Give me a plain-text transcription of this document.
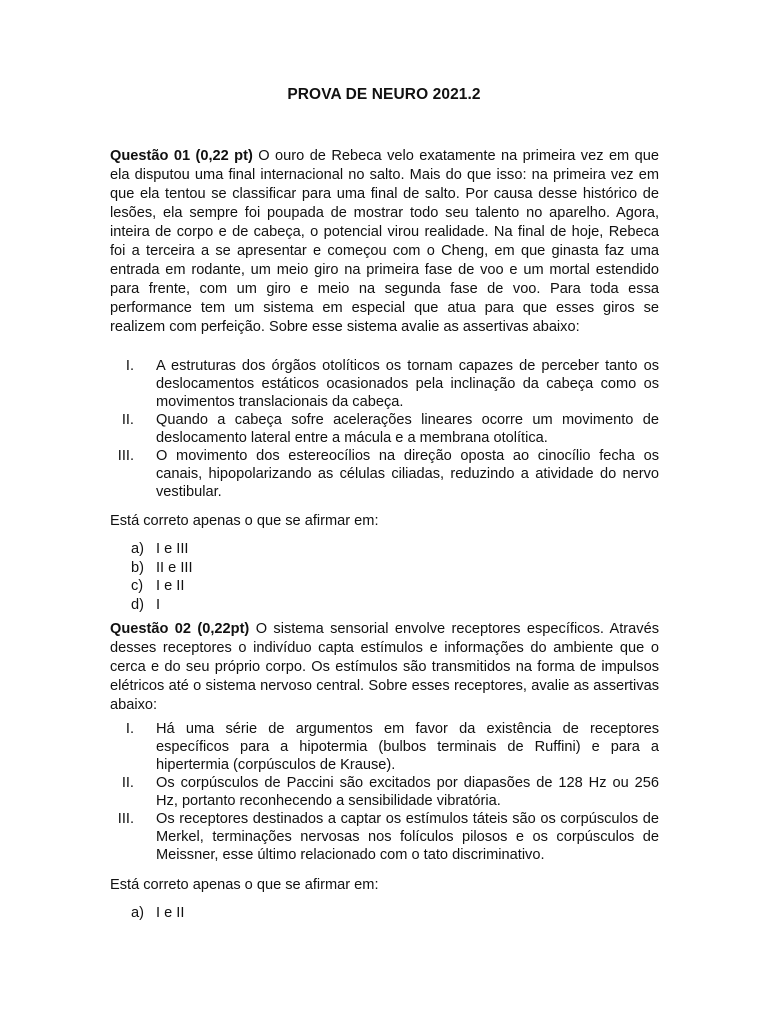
PROVA DE NEURO 2021.2

Questão 01 (0,22 pt) O ouro de Rebeca velo exatamente na primeira vez em que ela disputou uma final internacional no salto. Mais do que isso: na primeira vez em que ela tentou se classificar para uma final de salto. Por causa desse histórico de lesões, ela sempre foi poupada de mostrar todo seu talento no aparelho. Agora, inteira de corpo e de cabeça, o potencial virou realidade. Na final de hoje, Rebeca foi a terceira a se apresentar e começou com o Cheng, em que ginasta faz uma entrada em rodante, um meio giro na primeira fase de voo e um mortal estendido para frente, com um giro e meio na segunda fase de voo. Para toda essa performance tem um sistema em especial que atua para que esses giros se realizem com perfeição. Sobre esse sistema avalie as assertivas abaixo:

I. A estruturas dos órgãos otolíticos os tornam capazes de perceber tanto os deslocamentos estáticos ocasionados pela inclinação da cabeça como os movimentos translacionais da cabeça.
II. Quando a cabeça sofre acelerações lineares ocorre um movimento de deslocamento lateral entre a mácula e a membrana otolítica.
III. O movimento dos estereocílios na direção oposta ao cinocílio fecha os canais, hipopolarizando as células ciliadas, reduzindo a atividade do nervo vestibular.

Está correto apenas o que se afirmar em:

a) I e III
b) II e III
c) I e II
d) I

Questão 02 (0,22pt) O sistema sensorial envolve receptores específicos. Através desses receptores o indivíduo capta estímulos e informações do ambiente que o cerca e do seu próprio corpo. Os estímulos são transmitidos na forma de impulsos elétricos até o sistema nervoso central. Sobre esses receptores, avalie as assertivas abaixo:

I. Há uma série de argumentos em favor da existência de receptores específicos para a hipotermia (bulbos terminais de Ruffini) e para a hipertermia (corpúsculos de Krause).
II. Os corpúsculos de Paccini são excitados por diapasões de 128 Hz ou 256 Hz, portanto reconhecendo a sensibilidade vibratória.
III. Os receptores destinados a captar os estímulos táteis são os corpúsculos de Merkel, terminações nervosas nos folículos pilosos e os corpúsculos de Meissner, esse último relacionado com o tato discriminativo.

Está correto apenas o que se afirmar em:

a) I e II
